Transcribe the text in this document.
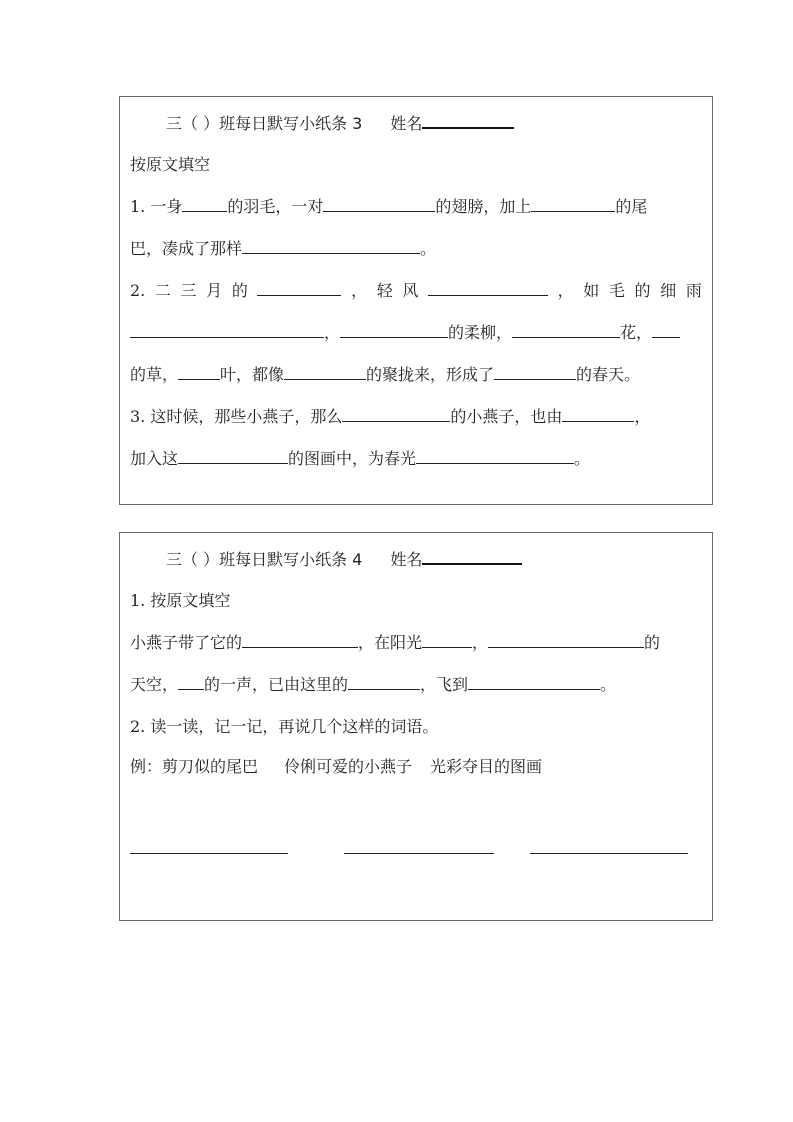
三（ ）班每日默写小纸条 3 姓名
按原文填空
1. 一身	的羽毛，一对	的翅膀，加上	的尾
巴，凑成了那样	。
2. 二 三 月 的	， 轻 风	， 如 毛 的 细 雨
，	的柔柳，	花，
的草，	叶，都像	的聚拢来，形成了	的春天。
3. 这时候，那些小燕子，那么	的小燕子，也由	，
加入这	的图画中，为春光	。
三（ ）班每日默写小纸条 4 姓名
1. 按原文填空
小燕子带了它的	，在阳光	，	的
天空， 的一声，已由这里的	，飞到	。
2. 读一读，记一记，再说几个这样的词语。
例：剪刀似的尾巴 伶俐可爱的小燕子 光彩夺目的图画
